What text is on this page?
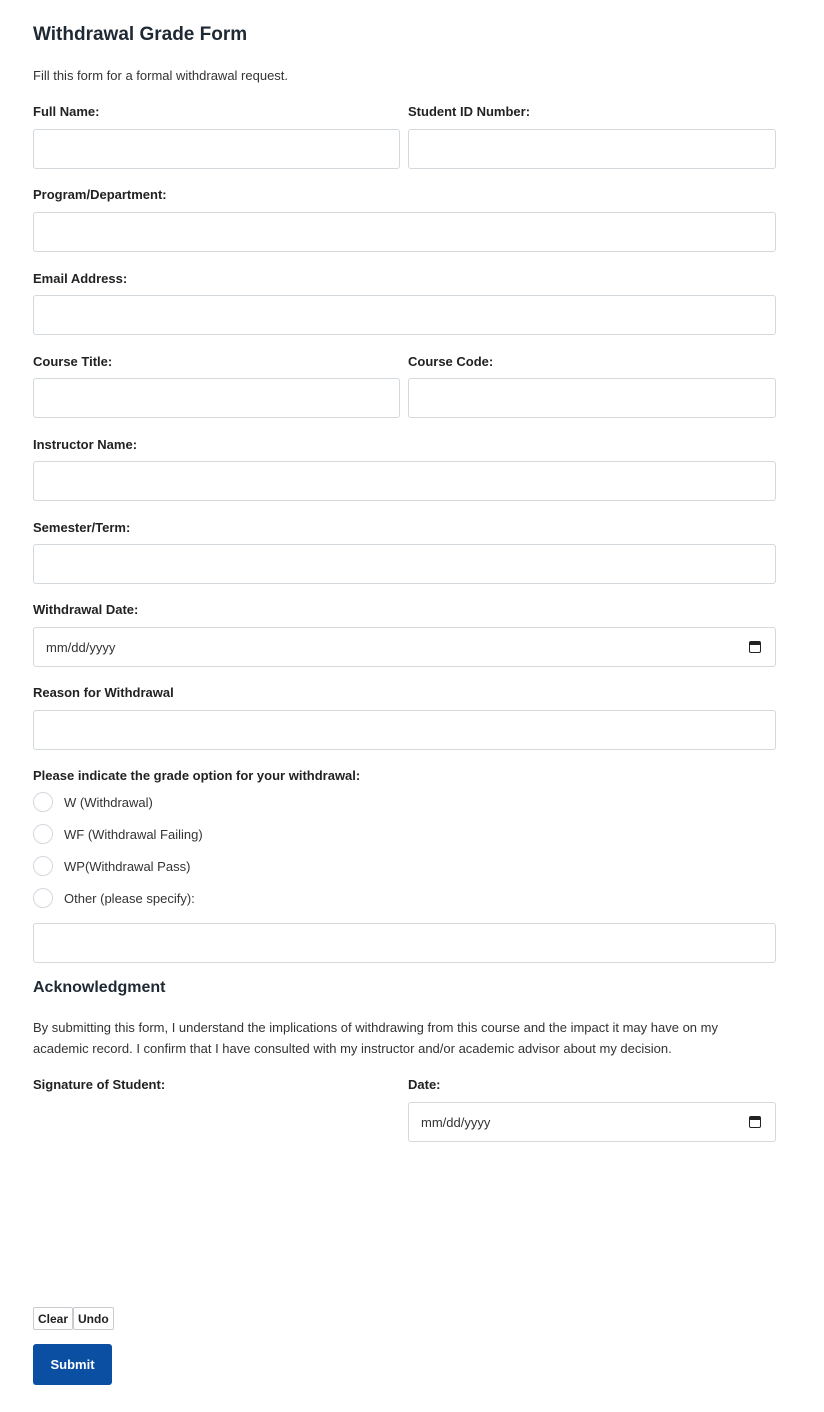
Withdrawal Grade Form
Fill this form for a formal withdrawal request.
Full Name:	Student ID Number:
Program/Department:
Email Address:
Course Title:	Course Code:
Instructor Name:
Semester/Term:
Withdrawal Date:
mm/dd/yyyy
Reason for Withdrawal
Please indicate the grade option for your withdrawal:
W (Withdrawal)
WF (Withdrawal Failing)
WP(Withdrawal Pass)
Other (please specify):
Acknowledgment
By submitting this form, I understand the implications of withdrawing from this course and the impact it may have on my academic record. I confirm that I have consulted with my instructor and/or academic advisor about my decision.
Signature of Student:	Date:
mm/dd/yyyy
Clear Undo
Submit
